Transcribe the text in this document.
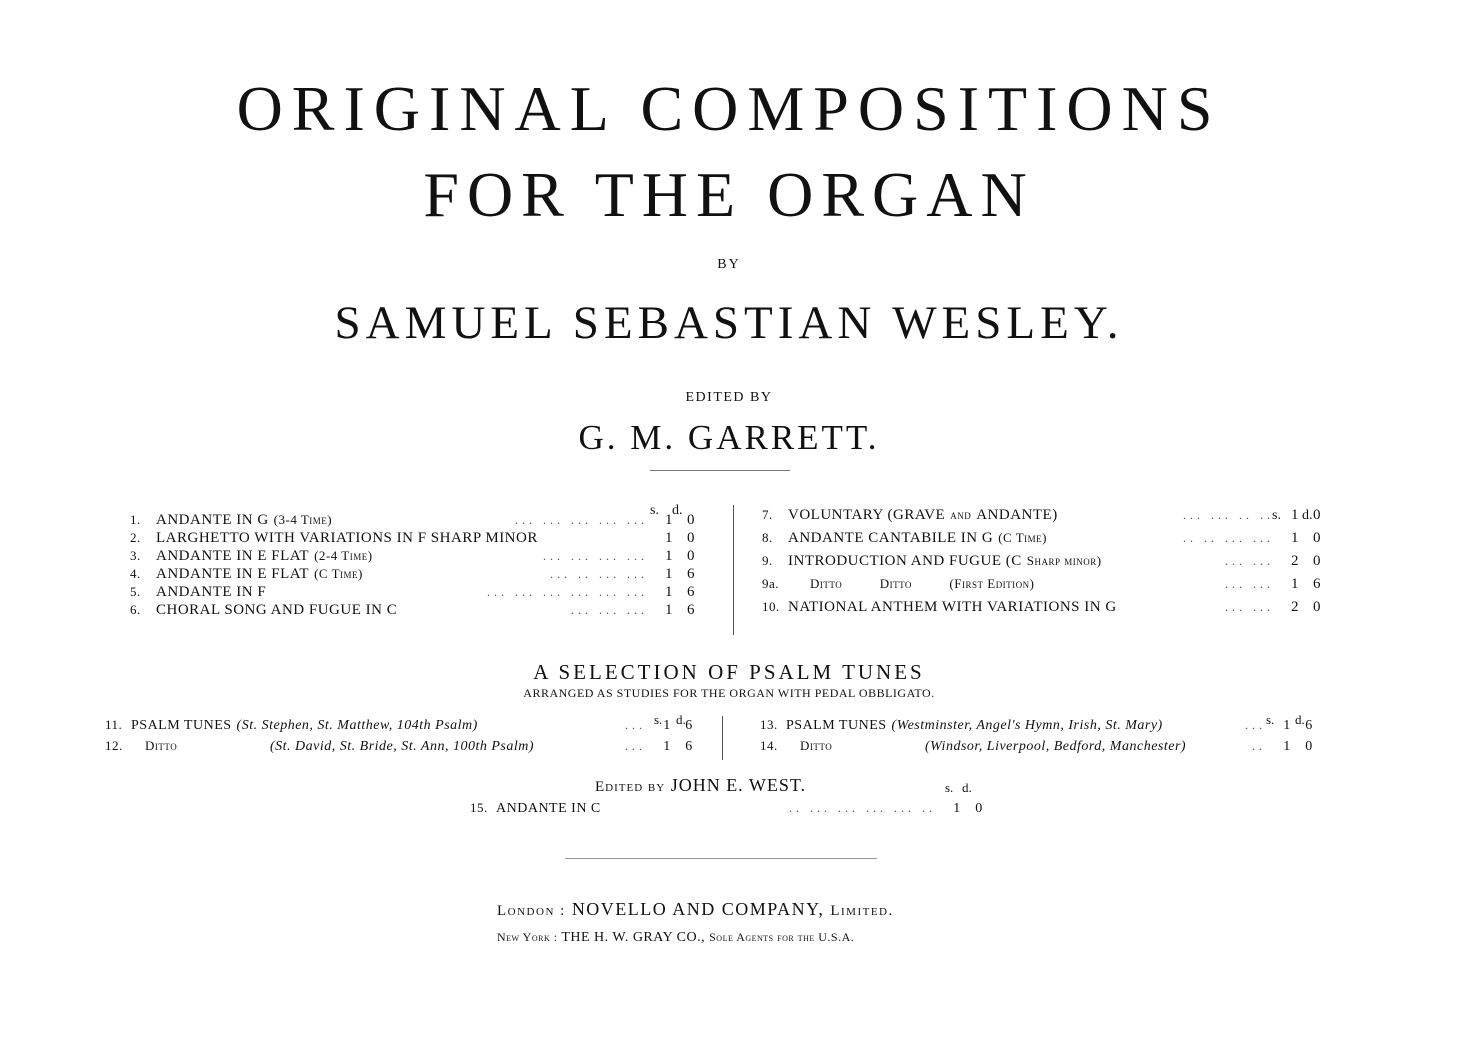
ORIGINAL COMPOSITIONS
FOR THE ORGAN
BY
SAMUEL SEBASTIAN WESLEY.
EDITED BY
G. M. GARRETT.
s. d.	s. d.
1.	ANDANTE IN G (3-4 Time)	... ... ... ... ...	1 0
2.	LARGHETTO WITH VARIATIONS IN F SHARP MINOR	1 0
3.	ANDANTE IN E FLAT (2-4 Time)	... ... ... ...	1 0
4.	ANDANTE IN E FLAT (C Time)	... .. ... ...	1 6
5.	ANDANTE IN F	... ... ... ... ... ...	1 6
6.	CHORAL SONG AND FUGUE IN C	... ... ...	1 6
7.	VOLUNTARY (GRAVE and ANDANTE)	... ... .. ..	1 0
8.	ANDANTE CANTABILE IN G (C Time)	.. .. ... ...	1 0
9.	INTRODUCTION AND FUGUE (C Sharp minor)	... ...	2 0
9a.	Ditto          Ditto          (First Edition)	... ...	1 6
10. NATIONAL ANTHEM WITH VARIATIONS IN G	... ...	2 0
A SELECTION OF PSALM TUNES
ARRANGED AS STUDIES FOR THE ORGAN WITH PEDAL OBBLIGATO.
s. d.	s. d.
11. PSALM TUNES (St. Stephen, St. Matthew, 104th Psalm)	...	1	6
12.	Ditto	(St. David, St. Bride, St. Ann, 100th Psalm)	...	1	6
13. PSALM TUNES (Westminster, Angel's Hymn, Irish, St. Mary)	...	1	6
14.	Ditto	(Windsor, Liverpool, Bedford, Manchester)	..	1	0
Edited by JOHN E. WEST.	s. d.
15. ANDANTE IN C	.. ... ... ... ... ..	1	0
London : NOVELLO AND COMPANY, Limited.
New York : THE H. W. GRAY CO., Sole Agents for the U.S.A.
